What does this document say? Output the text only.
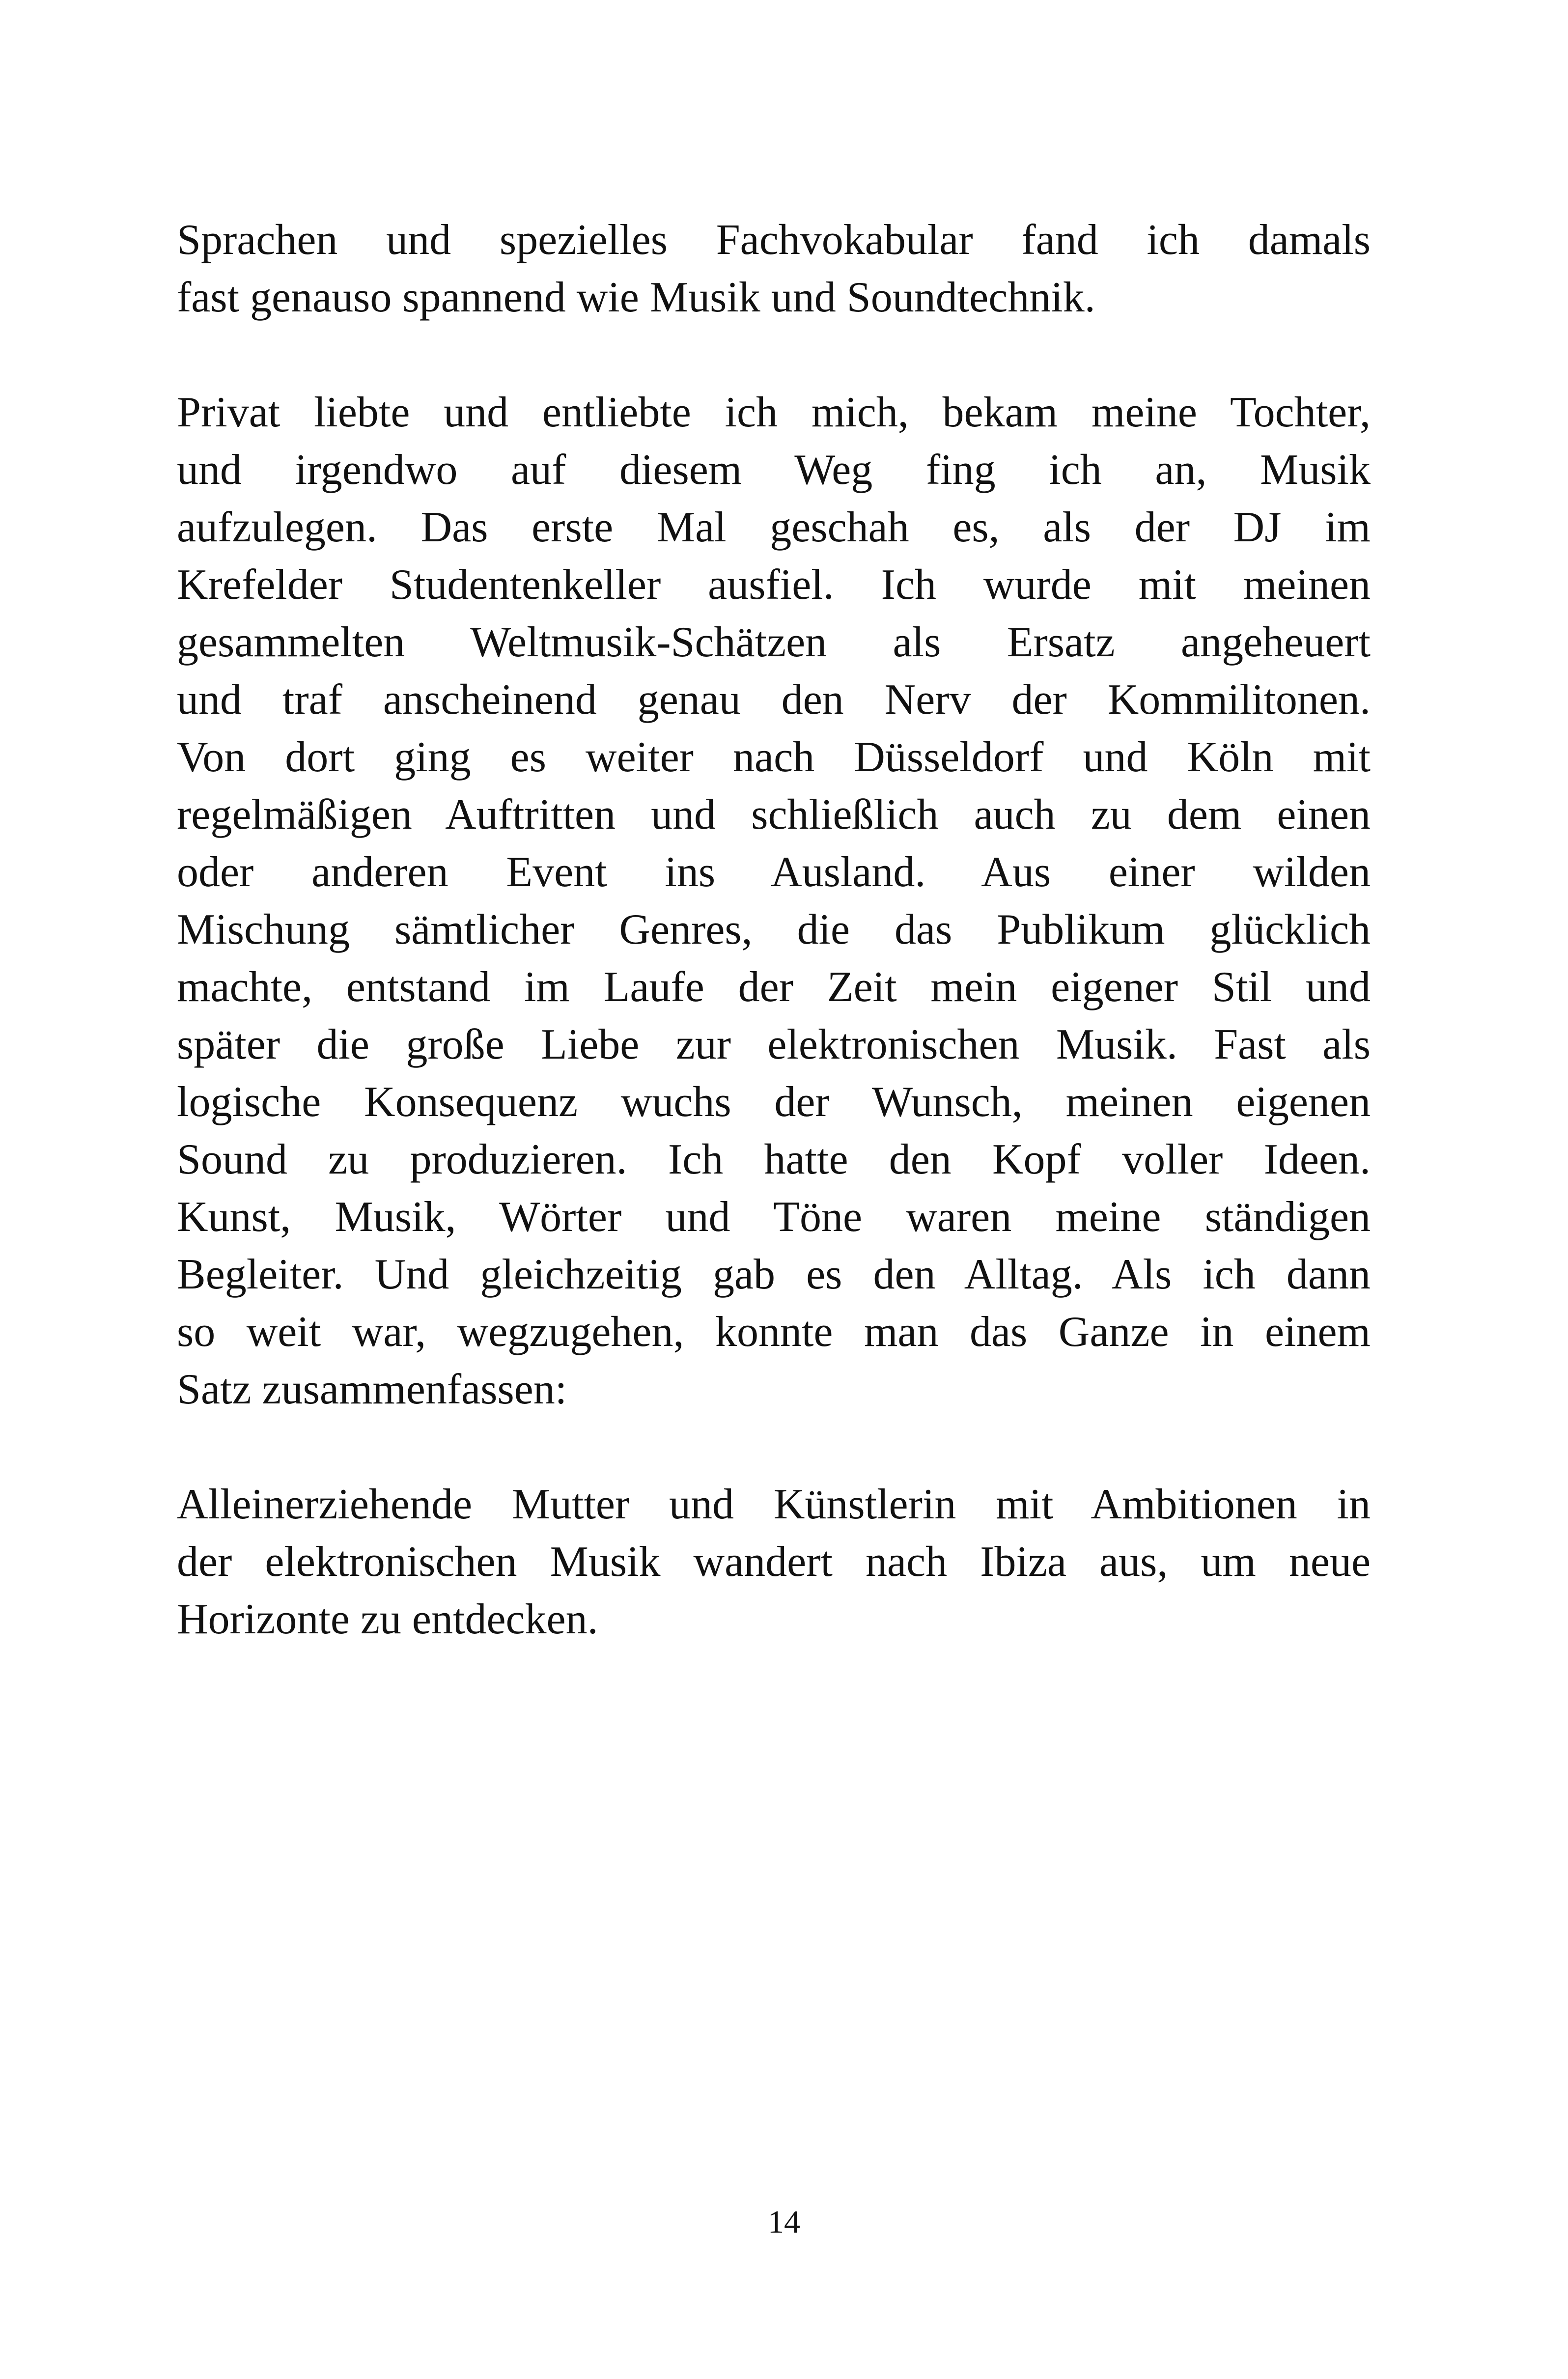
Sprachen und spezielles Fachvokabular fand ich damals
fast genauso spannend wie Musik und Soundtechnik.
Privat liebte und entliebte ich mich, bekam meine Tochter,
und irgendwo auf diesem Weg fing ich an, Musik
aufzulegen. Das erste Mal geschah es, als der DJ im
Krefelder Studentenkeller ausfiel. Ich wurde mit meinen
gesammelten Weltmusik-Schätzen als Ersatz angeheuert
und traf anscheinend genau den Nerv der Kommilitonen.
Von dort ging es weiter nach Düsseldorf und Köln mit
regelmäßigen Auftritten und schließlich auch zu dem einen
oder anderen Event ins Ausland. Aus einer wilden
Mischung sämtlicher Genres, die das Publikum glücklich
machte, entstand im Laufe der Zeit mein eigener Stil und
später die große Liebe zur elektronischen Musik. Fast als
logische Konsequenz wuchs der Wunsch, meinen eigenen
Sound zu produzieren. Ich hatte den Kopf voller Ideen.
Kunst, Musik, Wörter und Töne waren meine ständigen
Begleiter. Und gleichzeitig gab es den Alltag. Als ich dann
so weit war, wegzugehen, konnte man das Ganze in einem
Satz zusammenfassen:
Alleinerziehende Mutter und Künstlerin mit Ambitionen in
der elektronischen Musik wandert nach Ibiza aus, um neue
Horizonte zu entdecken.
14
